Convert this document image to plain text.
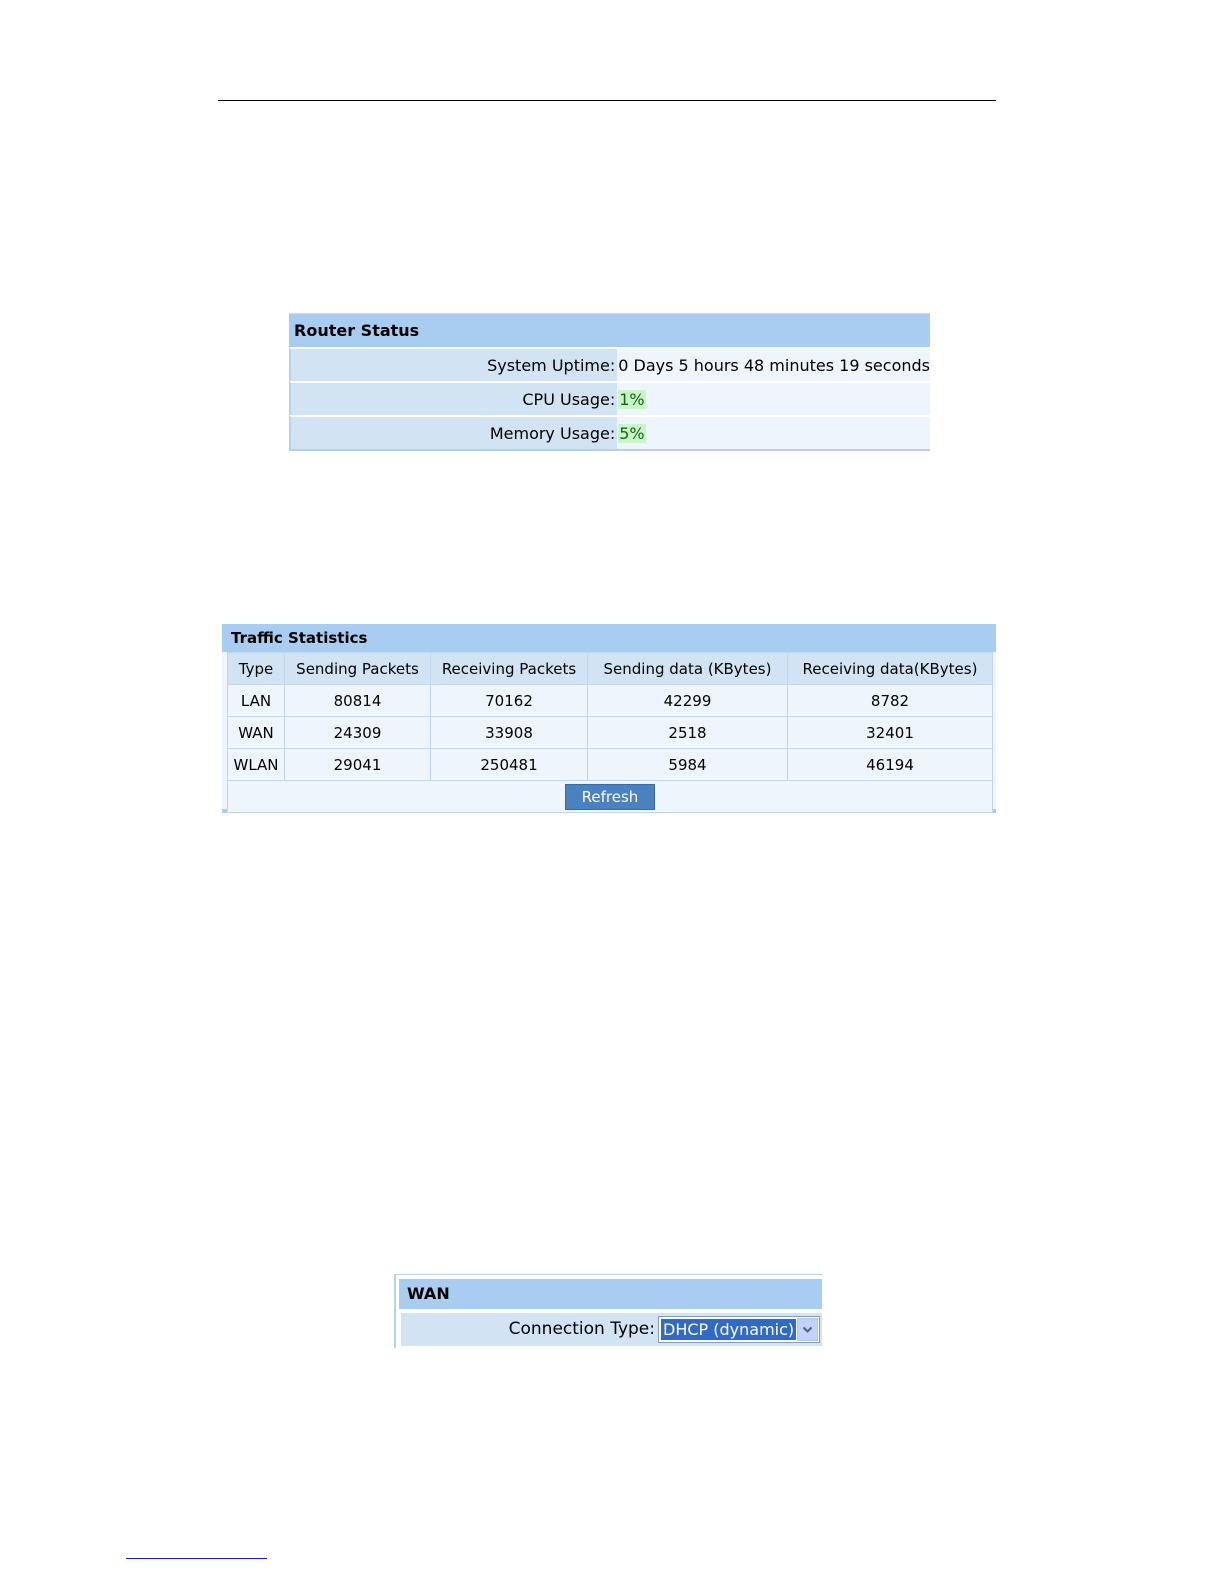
Router Status	
System Uptime:	0 Days 5 hours 48 minutes 19 seconds
CPU Usage:	1%
Memory Usage:	5%
Traffic Statistics
Type	Sending Packets	Receiving Packets	Sending data (KBytes)	Receiving data(KBytes)
LAN	80814	70162	42299	8782
WAN	24309	33908	2518	32401
WLAN	29041	250481	5984	46194
Refresh				
WAN
Connection Type: DHCP (dynamic)
